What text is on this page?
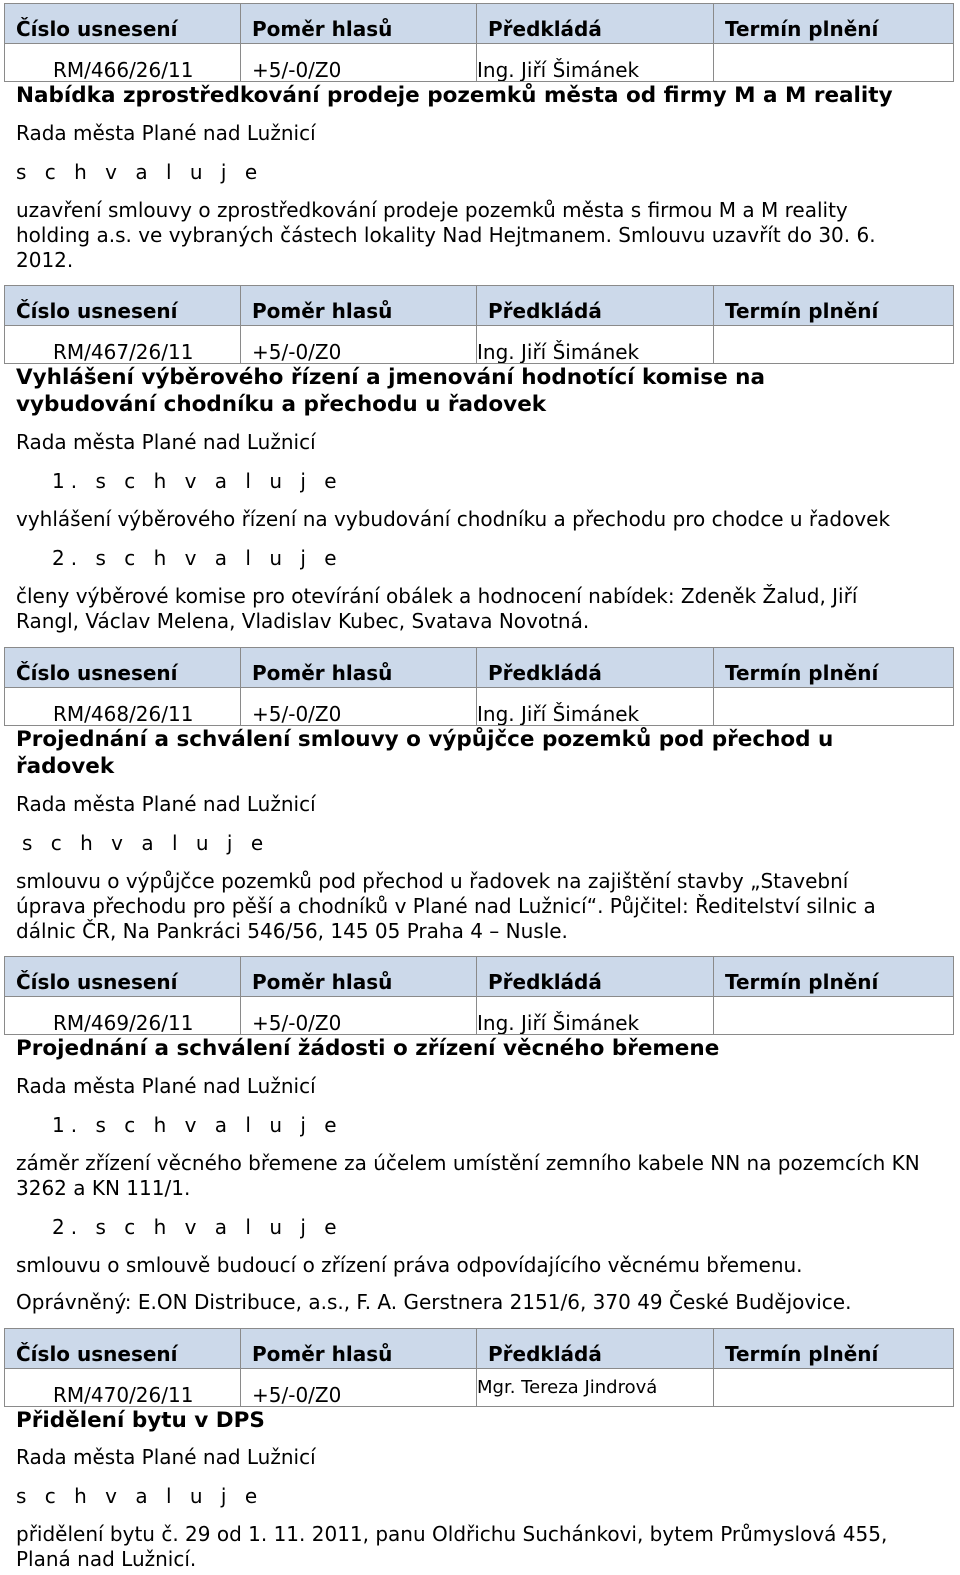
Číslo usnesení	Poměr hlasů	Předkládá	Termín plnění
RM/466/26/11	+5/-0/Z0	Ing. Jiří Šimánek	
Nabídka zprostředkování prodeje pozemků města od firmy M a M reality
Rada města Plané nad Lužnicí
s c h v a l u j e
uzavření smlouvy o zprostředkování prodeje pozemků města s firmou M a M reality
holding a.s. ve vybraných částech lokality Nad Hejtmanem. Smlouvu uzavřít do 30. 6.
2012.
Číslo usnesení	Poměr hlasů	Předkládá	Termín plnění
RM/467/26/11	+5/-0/Z0	Ing. Jiří Šimánek	
Vyhlášení výběrového řízení a jmenování hodnotící komise na
vybudování chodníku a přechodu u řadovek
Rada města Plané nad Lužnicí
1. s c h v a l u j e
vyhlášení výběrového řízení na vybudování chodníku a přechodu pro chodce u řadovek
2. s c h v a l u j e
členy výběrové komise pro otevírání obálek a hodnocení nabídek: Zdeněk Žalud, Jiří
Rangl, Václav Melena, Vladislav Kubec, Svatava Novotná.
Číslo usnesení	Poměr hlasů	Předkládá	Termín plnění
RM/468/26/11	+5/-0/Z0	Ing. Jiří Šimánek	
Projednání a schválení smlouvy o výpůjčce pozemků pod přechod u
řadovek
Rada města Plané nad Lužnicí
s c h v a l u j e
smlouvu o výpůjčce pozemků pod přechod u řadovek na zajištění stavby „Stavební
úprava přechodu pro pěší a chodníků v Plané nad Lužnicí“. Půjčitel: Ředitelství silnic a
dálnic ČR, Na Pankráci 546/56, 145 05 Praha 4 – Nusle.
Číslo usnesení	Poměr hlasů	Předkládá	Termín plnění
RM/469/26/11	+5/-0/Z0	Ing. Jiří Šimánek	
Projednání a schválení žádosti o zřízení věcného břemene
Rada města Plané nad Lužnicí
1. s c h v a l u j e
záměr zřízení věcného břemene za účelem umístění zemního kabele NN na pozemcích KN
3262 a KN 111/1.
2. s c h v a l u j e
smlouvu o smlouvě budoucí o zřízení práva odpovídajícího věcnému břemenu.
Oprávněný: E.ON Distribuce, a.s., F. A. Gerstnera 2151/6, 370 49 České Budějovice.
Číslo usnesení	Poměr hlasů	Předkládá	Termín plnění
RM/470/26/11	+5/-0/Z0	Mgr. Tereza Jindrová	
Přidělení bytu v DPS
Rada města Plané nad Lužnicí
s c h v a l u j e
přidělení bytu č. 29 od 1. 11. 2011, panu Oldřichu Suchánkovi, bytem Průmyslová 455,
Planá nad Lužnicí.
